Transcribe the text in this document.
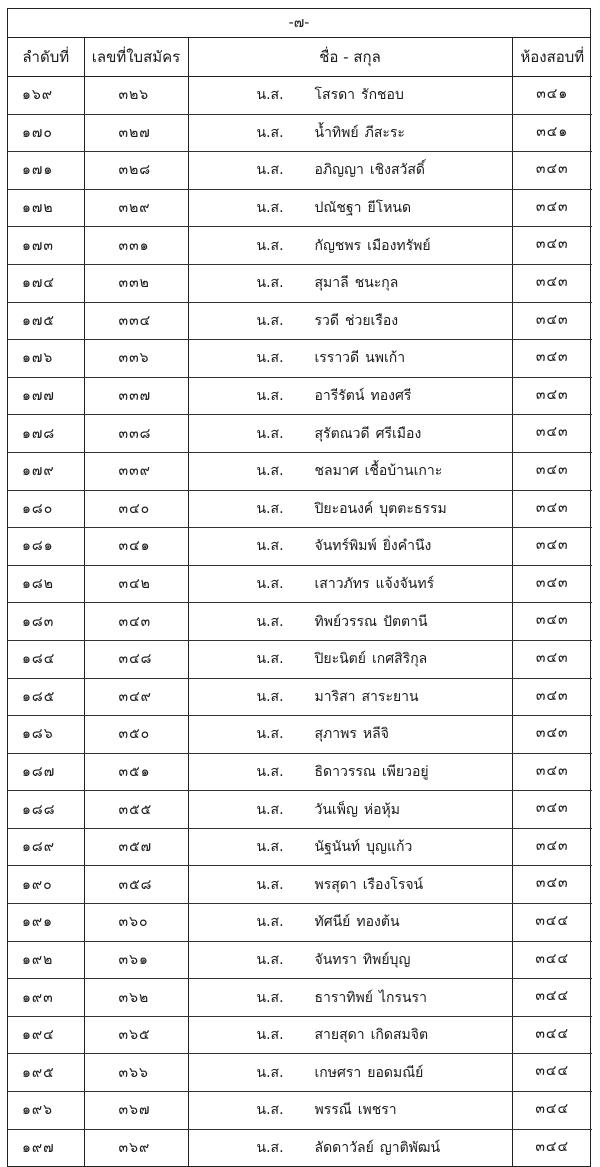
-๗-
ลำดับที่	เลขที่ใบสมัคร	ชื่อ - สกุล	ห้องสอบที่
๑๖๙	๓๒๖	น.ส. โสรดา รักชอบ	๓๔๑
๑๗๐	๓๒๗	น.ส. น้ำทิพย์ ภีสะระ	๓๔๑
๑๗๑	๓๒๘	น.ส. อภิญญา เชิงสวัสดิ์	๓๔๓
๑๗๒	๓๒๙	น.ส. ปณัชฐา ยีโหนด	๓๔๓
๑๗๓	๓๓๑	น.ส. กัญชพร เมืองทรัพย์	๓๔๓
๑๗๔	๓๓๒	น.ส. สุมาลี ชนะกุล	๓๔๓
๑๗๕	๓๓๔	น.ส. รวดี ช่วยเรือง	๓๔๓
๑๗๖	๓๓๖	น.ส. เรราวดี นพเก้า	๓๔๓
๑๗๗	๓๓๗	น.ส. อารีรัตน์ ทองศรี	๓๔๓
๑๗๘	๓๓๘	น.ส. สุรัตณวดี ศรีเมือง	๓๔๓
๑๗๙	๓๓๙	น.ส. ชลมาศ เชื้อบ้านเกาะ	๓๔๓
๑๘๐	๓๔๐	น.ส. ปิยะอนงค์ บุตตะธรรม	๓๔๓
๑๘๑	๓๔๑	น.ส. จันทร์พิมพ์ ยิ่งคำนึง	๓๔๓
๑๘๒	๓๔๒	น.ส. เสาวภัทร แจ้งจันทร์	๓๔๓
๑๘๓	๓๔๓	น.ส. ทิพย์วรรณ ปัตตานี	๓๔๓
๑๘๔	๓๔๘	น.ส. ปิยะนิตย์ เกศสิริกุล	๓๔๓
๑๘๕	๓๔๙	น.ส. มาริสา สาระยาน	๓๔๓
๑๘๖	๓๕๐	น.ส. สุภาพร หลีจิ	๓๔๓
๑๘๗	๓๕๑	น.ส. ธิดาวรรณ เพียวอยู่	๓๔๓
๑๘๘	๓๕๕	น.ส. วันเพ็ญ ห่อหุ้ม	๓๔๓
๑๘๙	๓๕๗	น.ส. นัฐนันท์ บุญแก้ว	๓๔๓
๑๙๐	๓๕๘	น.ส. พรสุดา เรืองโรจน์	๓๔๓
๑๙๑	๓๖๐	น.ส. ทัศนีย์ ทองต้น	๓๔๔
๑๙๒	๓๖๑	น.ส. จันทรา ทิพย์บุญ	๓๔๔
๑๙๓	๓๖๒	น.ส. ธาราทิพย์ ไกรนรา	๓๔๔
๑๙๔	๓๖๕	น.ส. สายสุดา เกิดสมจิต	๓๔๔
๑๙๕	๓๖๖	น.ส. เกษศรา ยอดมณีย์	๓๔๔
๑๙๖	๓๖๗	น.ส. พรรณี เพชรา	๓๔๔
๑๙๗	๓๖๙	น.ส. ลัดดาวัลย์ ญาติพัฒน์	๓๔๔
